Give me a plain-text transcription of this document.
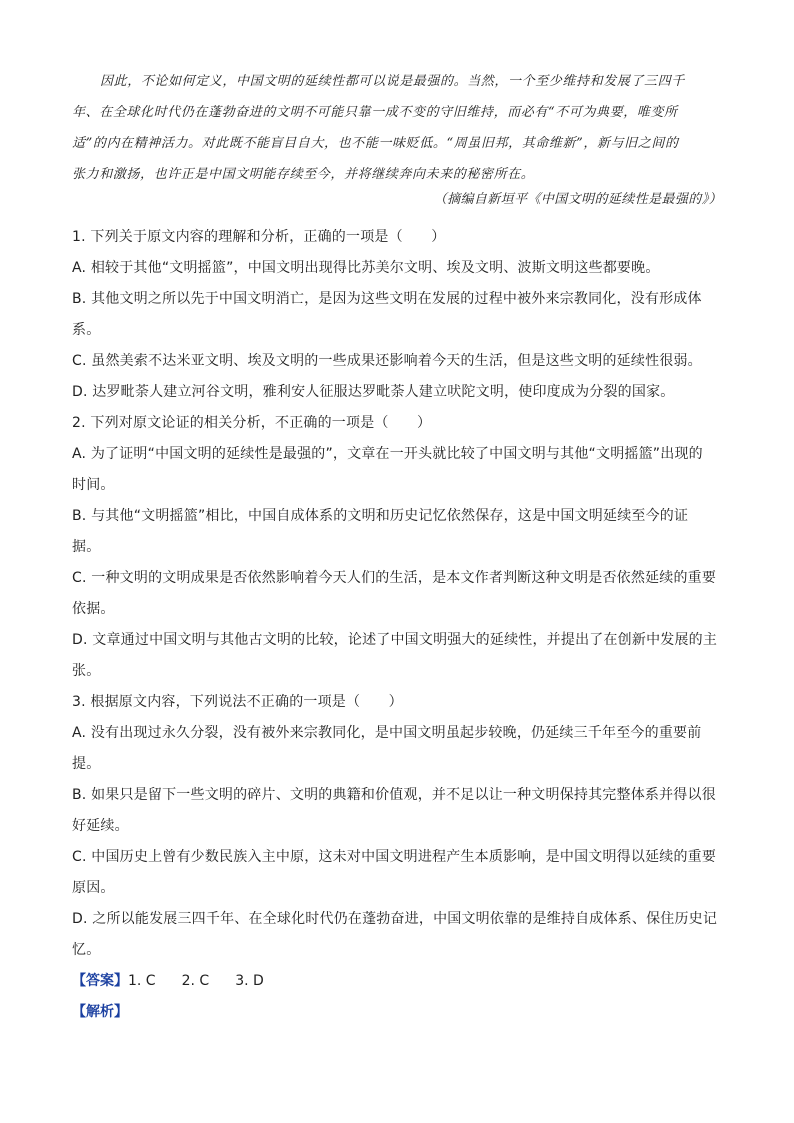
因此，不论如何定义，中国文明的延续性都可以说是最强的。当然，一个至少维持和发展了三四千
年、在全球化时代仍在蓬勃奋进的文明不可能只靠一成不变的守旧维持，而必有“不可为典要，唯变所
适”的内在精神活力。对此既不能盲目自大，也不能一味贬低。“周虽旧邦，其命维新”，新与旧之间的
张力和激扬，也许正是中国文明能存续至今，并将继续奔向未来的秘密所在。
（摘编自新垣平《中国文明的延续性是最强的》）
1. 下列关于原文内容的理解和分析，正确的一项是（　　）
A. 相较于其他“文明摇篮”，中国文明出现得比苏美尔文明、埃及文明、波斯文明这些都要晚。
B. 其他文明之所以先于中国文明消亡，是因为这些文明在发展的过程中被外来宗教同化，没有形成体
系。
C. 虽然美索不达米亚文明、埃及文明的一些成果还影响着今天的生活，但是这些文明的延续性很弱。
D. 达罗毗荼人建立河谷文明，雅利安人征服达罗毗荼人建立吠陀文明，使印度成为分裂的国家。
2. 下列对原文论证的相关分析，不正确的一项是（　　）
A. 为了证明“中国文明的延续性是最强的”，文章在一开头就比较了中国文明与其他“文明摇篮”出现的
时间。
B. 与其他“文明摇篮”相比，中国自成体系的文明和历史记忆依然保存，这是中国文明延续至今的证
据。
C. 一种文明的文明成果是否依然影响着今天人们的生活，是本文作者判断这种文明是否依然延续的重要
依据。
D. 文章通过中国文明与其他古文明的比较，论述了中国文明强大的延续性，并提出了在创新中发展的主
张。
3. 根据原文内容，下列说法不正确的一项是（　　）
A. 没有出现过永久分裂，没有被外来宗教同化，是中国文明虽起步较晚，仍延续三千年至今的重要前
提。
B. 如果只是留下一些文明的碎片、文明的典籍和价值观，并不足以让一种文明保持其完整体系并得以很
好延续。
C. 中国历史上曾有少数民族入主中原，这未对中国文明进程产生本质影响，是中国文明得以延续的重要
原因。
D. 之所以能发展三四千年、在全球化时代仍在蓬勃奋进，中国文明依靠的是维持自成体系、保住历史记
忆。
【答案】1. C 2. C 3. D
【解析】
